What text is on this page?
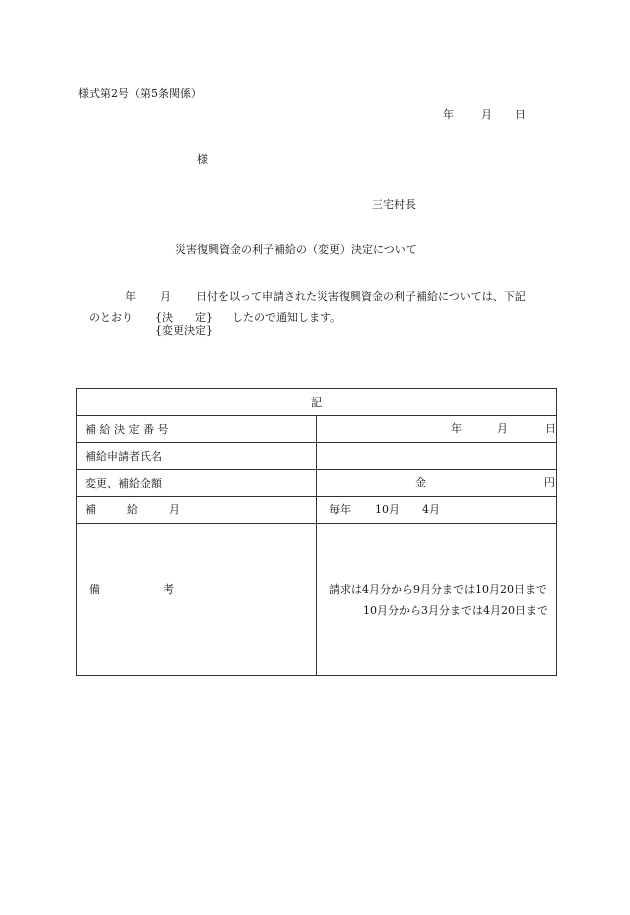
様式第2号（第5条関係）
年 月 日
様
三宅村長
災害復興資金の利子補給の（変更）決定について
年 月 日付を以って申請された災害復興資金の利子補給については、下記
のとおり {決　　定} したので通知します。
{変更決定}
記	
補 給 決 定 番 号	年 月 日

補給申請者氏名	
変更、補給金額	金 円

補 給 月	毎年 10月 4月

備 考	請求は4月分から9月分までは10月20日まで
10月分から3月分までは4月20日まで
